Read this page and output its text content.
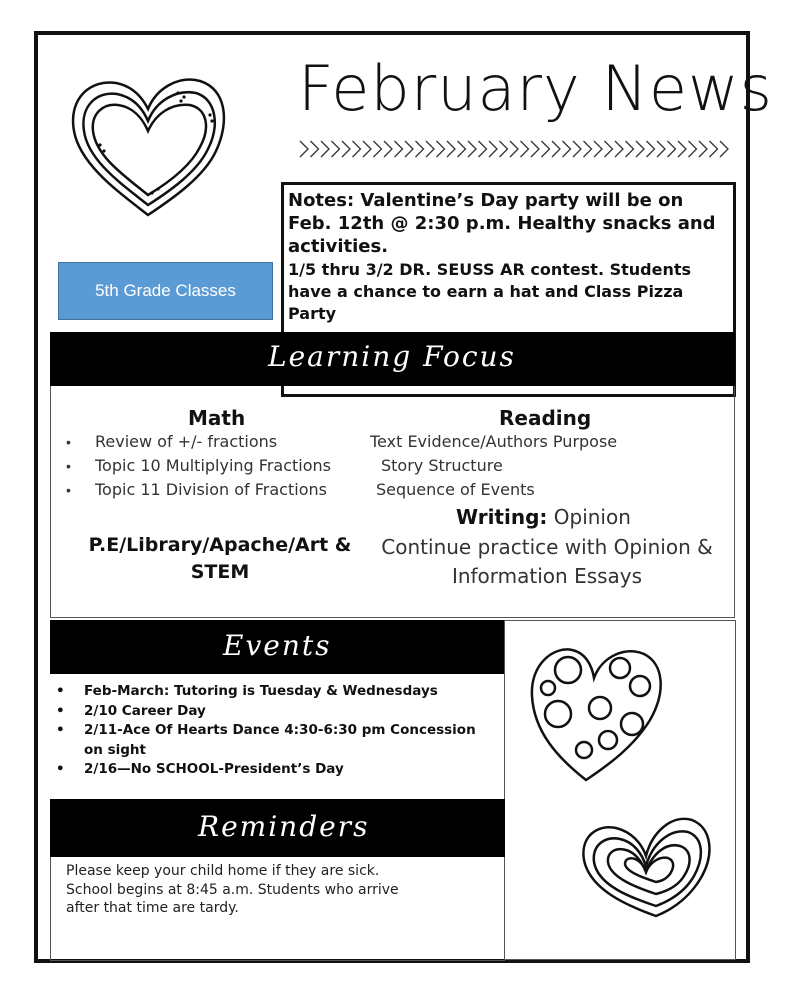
February News
Notes: Valentine’s Day party will be on Feb. 12th @ 2:30 p.m. Healthy snacks and activities.
1/5 thru 3/2 DR. SEUSS AR contest. Students have a chance to earn a hat and Class Pizza Party
5th Grade Classes
Learning Focus
Math	Reading
• Review of +/- fractions
• Topic 10 Multiplying Fractions
• Topic 11 Division of Fractions
Text Evidence/Authors Purpose
Story Structure
Sequence of Events
Writing: Opinion
P.E/Library/Apache/Art & STEM
Continue practice with Opinion & Information Essays
Events
• Feb-March: Tutoring is Tuesday & Wednesdays
• 2/10 Career Day
• 2/11-Ace Of Hearts Dance 4:30-6:30 pm Concession on sight
• 2/16—No SCHOOL-President’s Day
Reminders
Please keep your child home if they are sick.
School begins at 8:45 a.m. Students who arrive after that time are tardy.
